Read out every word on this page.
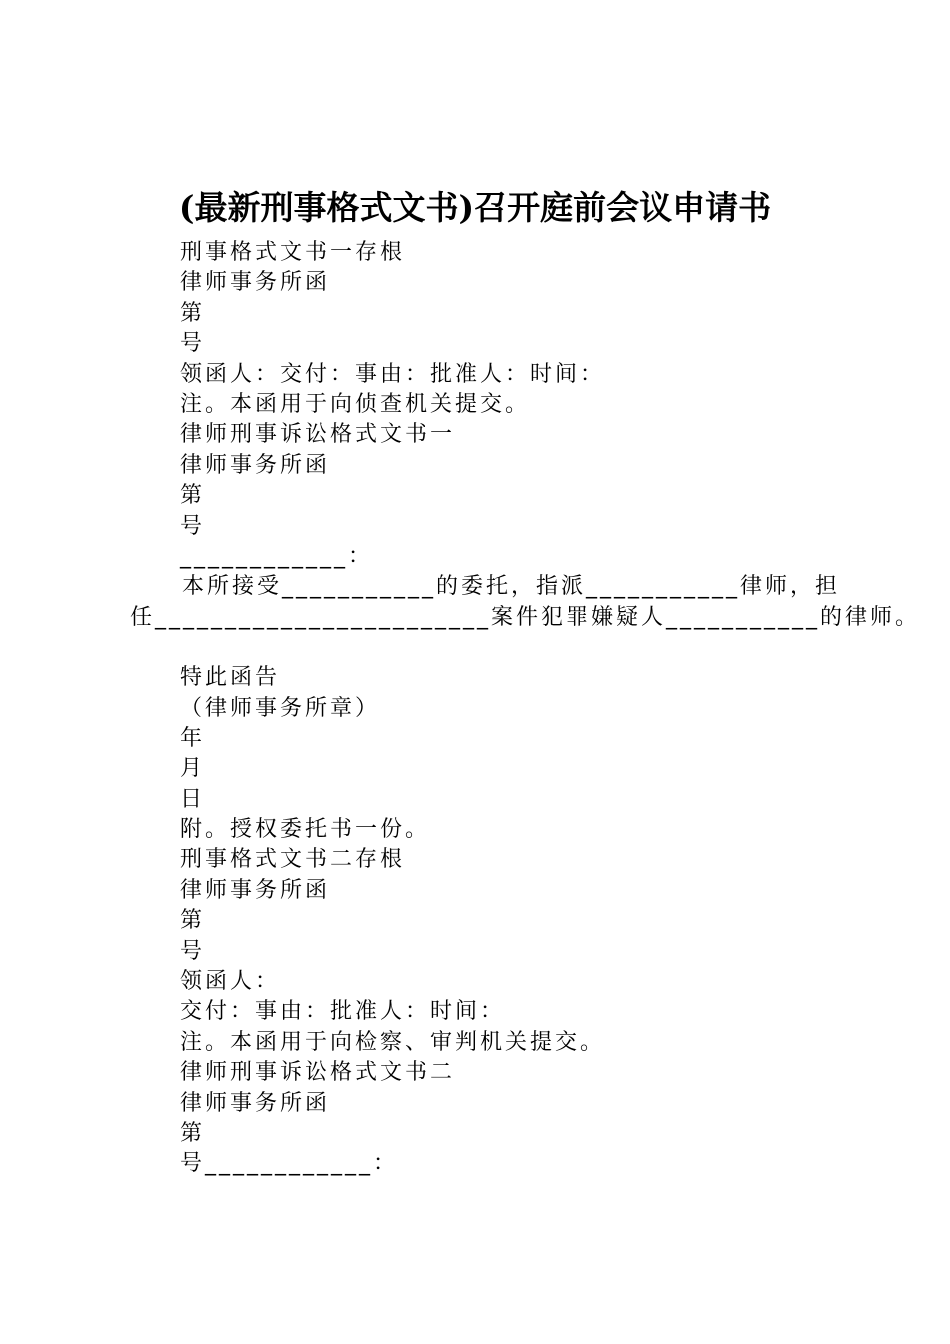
(最新刑事格式文书)召开庭前会议申请书

刑事格式文书一存根

律师事务所函

第

号

领函人：交付：事由：批准人：时间：

注。本函用于向侦查机关提交。

律师刑事诉讼格式文书一

律师事务所函

第

号

____________：

本所接受___________的委托，指派___________律师，担任________________________案件犯罪嫌疑人___________的律师。

特此函告

（律师事务所章）

年

月

日

附。授权委托书一份。

刑事格式文书二存根

律师事务所函

第

号

领函人：

交付：事由：批准人：时间：

注。本函用于向检察、审判机关提交。

律师刑事诉讼格式文书二

律师事务所函

第

号____________：
